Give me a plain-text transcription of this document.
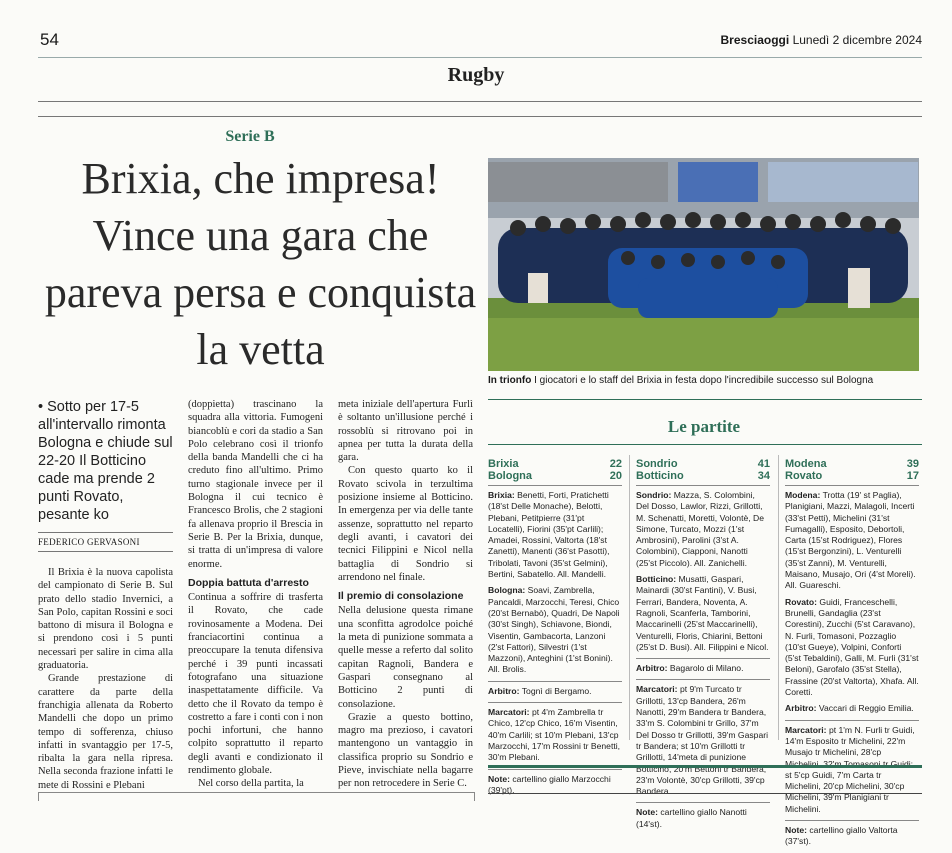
54	Bresciaoggi Lunedì 2 dicembre 2024
Rugby
Serie B
Brixia, che impresa! Vince una gara che pareva persa e conquista la vetta
In trionfo I giocatori e lo staff del Brixia in festa dopo l'incredibile successo sul Bologna
• Sotto per 17-5 all'intervallo rimonta Bologna e chiude sul 22-20 Il Botticino cade ma prende 2 punti Rovato, pesante ko
FEDERICO GERVASONI

Il Brixia è la nuova capolista del campionato di Serie B. Sul prato dello stadio Invernici, a San Polo, capitan Rossini e soci battono di misura il Bologna e si prendono così i 5 punti necessari per salire in cima alla graduatoria.

Grande prestazione di carattere da parte della franchigia allenata da Roberto Mandelli che dopo un primo tempo di sofferenza, chiuso infatti in svantaggio per 17-5, ribalta la gara nella ripresa. Nella seconda frazione infatti le mete di Rossini e Plebani

(doppietta) trascinano la squadra alla vittoria. Fumogeni biancoblù e cori da stadio a San Polo celebrano così il trionfo della banda Mandelli che ci ha creduto fino all'ultimo. Primo turno stagionale invece per il Bologna il cui tecnico è Francesco Brolis, che 2 stagioni fa allenava proprio il Brescia in Serie B. Per la Brixia, dunque, si tratta di un'impresa di valore enorme.

Doppia battuta d'arresto

Continua a soffrire di trasferta il Rovato, che cade rovinosamente a Modena. Dei franciacortini continua a preoccupare la tenuta difensiva perché i 39 punti incassati fotografano una situazione inaspettatamente difficile. Va detto che il Rovato da tempo è costretto a fare i conti con i non pochi infortuni, che hanno colpito soprattutto il reparto degli avanti e condizionato il rendimento globale.

Nel corso della partita, la

meta iniziale dell'apertura Furlì è soltanto un'illusione perché i rossoblù si ritrovano poi in apnea per tutta la durata della gara.

Con questo quarto ko il Rovato scivola in terzultima posizione insieme al Botticino. In emergenza per via delle tante assenze, soprattutto nel reparto degli avanti, i cavatori dei tecnici Filippini e Nicol nella battaglia di Sondrio si arrendono nel finale.

Il premio di consolazione

Nella delusione questa rimane una sconfitta agrodolce poiché la meta di punizione sommata a quelle messe a referto dal solito capitan Ragnoli, Bandera e Gaspari consegnano al Botticino 2 punti di consolazione.

Grazie a questo bottino, magro ma prezioso, i cavatori mantengono un vantaggio in classifica proprio su Sondrio e Pieve, invischiate nella bagarre per non retrocedere in Serie C.

Le partite
Brixia	22
Bologna	20

Brixia: Benetti, Forti, Pratichetti (18'st Delle Monache), Belotti, Plebani, Petitpierre (31'pt Locatelli), Fiorini (35'pt Carlili); Amadei, Rossini, Valtorta (18'st Zanetti), Manenti (36'st Pasotti), Tribolati, Tavoni (35'st Gelmini), Bertini, Sabatello. All. Mandelli.

Bologna: Soavi, Zambrella, Pancaldi, Marzocchi, Teresi, Chico (20'st Bernabò), Quadri, De Napoli (30'st Singh), Schiavone, Biondi, Visentin, Gambacorta, Lanzoni (2'st Fattori), Silvestri (1'st Mazzoni), Anteghini (1'st Bonini). All. Brolis.

Arbitro: Tognì di Bergamo.

Marcatori: pt 4'm Zambrella tr Chico, 12'cp Chico, 16'm Visentin, 40'm Carlili; st 10'm Plebani, 13'cp Marzocchi, 17'm Rossini tr Benetti, 30'm Plebani.

Note: cartellino giallo Marzocchi (39'pt).

Sondrio	41
Botticino	34

Sondrio: Mazza, S. Colombini, Del Dosso, Lawlor, Rizzi, Grillotti, M. Schenatti, Moretti, Volontè, De Simone, Turcato, Mozzi (1'st Ambrosini), Parolini (3'st A. Colombini), Ciapponi, Nanotti (25'st Piccolo). All. Zanichelli.

Botticino: Musatti, Gaspari, Mainardi (30'st Fantini), V. Busi, Ferrari, Bandera, Noventa, A. Ragnoli, Scanferla, Tamborini, Maccarinelli (25'st Maccarinelli), Venturelli, Floris, Chiarini, Bettoni (25'st D. Busi). All. Filippini e Nicol.

Arbitro: Bagarolo di Milano.

Marcatori: pt 9'm Turcato tr Grillotti, 13'cp Bandera, 26'm Nanotti, 29'm Bandera tr Bandera, 33'm S. Colombini tr Grillo, 37'm Del Dosso tr Grillotti, 39'm Gaspari tr Bandera; st 10'm Grillotti tr Grillotti, 14'meta di punizione Botticino, 20'm Bettoni tr Bandera, 23'm Volontè, 30'cp Grillotti, 39'cp Bandera.

Note: cartellino giallo Nanotti (14'st).

Modena	39
Rovato	17

Modena: Trotta (19' st Paglia), Planigiani, Mazzi, Malagoli, Incerti (33'st Petti), Michelini (31'st Fumagalli), Esposito, Debortoli, Carta (15'st Rodriguez), Flores (15'st Bergonzini), L. Venturelli (35'st Zanni), M. Venturelli, Maisano, Musajo, Ori (4'st Moreli). All. Guareschi.

Rovato: Guidi, Franceschelli, Brunelli, Gandaglia (23'st Corestini), Zucchi (5'st Caravano), N. Furli, Tomasoni, Pozzaglio (10'st Gueye), Volpini, Conforti (5'st Tebaldini), Galli, M. Furli (31'st Beloni), Garofalo (35'st Stella), Frassine (20'st Valtorta), Xhafa. All. Coretti.

Arbitro: Vaccari di Reggio Emilia.

Marcatori: pt 1'm N. Furli tr Guidi, 14'm Esposito tr Michelini, 22'm Musajo tr Michelini, 28'cp Michelini, 32'm Tomasoni tr Guidi; st 5'cp Guidi, 7'm Carta tr Michelini, 20'cp Michelini, 30'cp Michelini, 39'm Planigiani tr Michelini.

Note: cartellino giallo Valtorta (37'st).
